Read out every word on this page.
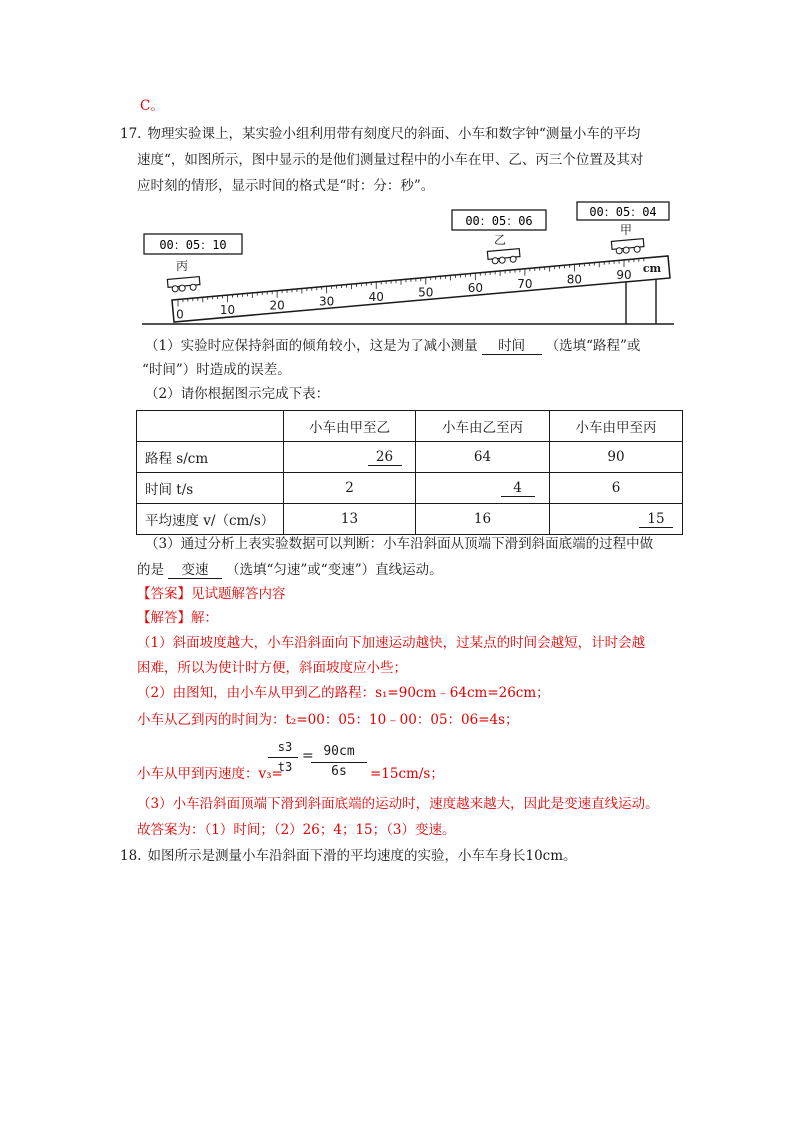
C。
17. 物理实验课上，某实验小组利用带有刻度尺的斜面、小车和数字钟“测量小车的平均
速度“，如图所示，图中显示的是他们测量过程中的小车在甲、乙、丙三个位置及其对
应时刻的情形，显示时间的格式是“时：分：秒”。
00：05：10
00：05：06
00：05：04
丙
乙
甲
0	10	20	30	40	50	60	70	80	90 cm
（1）实验时应保持斜面的倾角较小，这是为了减小测量 时间 （选填“路程”或
“时间”）时造成的误差。
（2）请你根据图示完成下表：
	小车由甲至乙	小车由乙至丙	小车由甲至丙
路程 s/cm	26	64	90
时间 t/s	2	4	6
平均速度 v/（cm/s）	13	16	15
（3）通过分析上表实验数据可以判断：小车沿斜面从顶端下滑到斜面底端的过程中做
的是 变速 （选填“匀速”或“变速”）直线运动。
【答案】见试题解答内容
【解答】解：
（1）斜面坡度越大，小车沿斜面向下加速运动越快，过某点的时间会越短，计时会越
困难，所以为使计时方便，斜面坡度应小些；
（2）由图知，由小车从甲到乙的路程：s₁=90cm﹣64cm=26cm；
小车从乙到丙的时间为：t₂=00：05：10﹣00：05：06=4s；
小车从甲到丙速度：v₃=
s3
t3
= 90cm
6s	=15cm/s；
（3）小车沿斜面顶端下滑到斜面底端的运动时，速度越来越大，因此是变速直线运动。
故答案为：（1）时间；（2）26；4；15；（3）变速。
18. 如图所示是测量小车沿斜面下滑的平均速度的实验，小车车身长10cm。
